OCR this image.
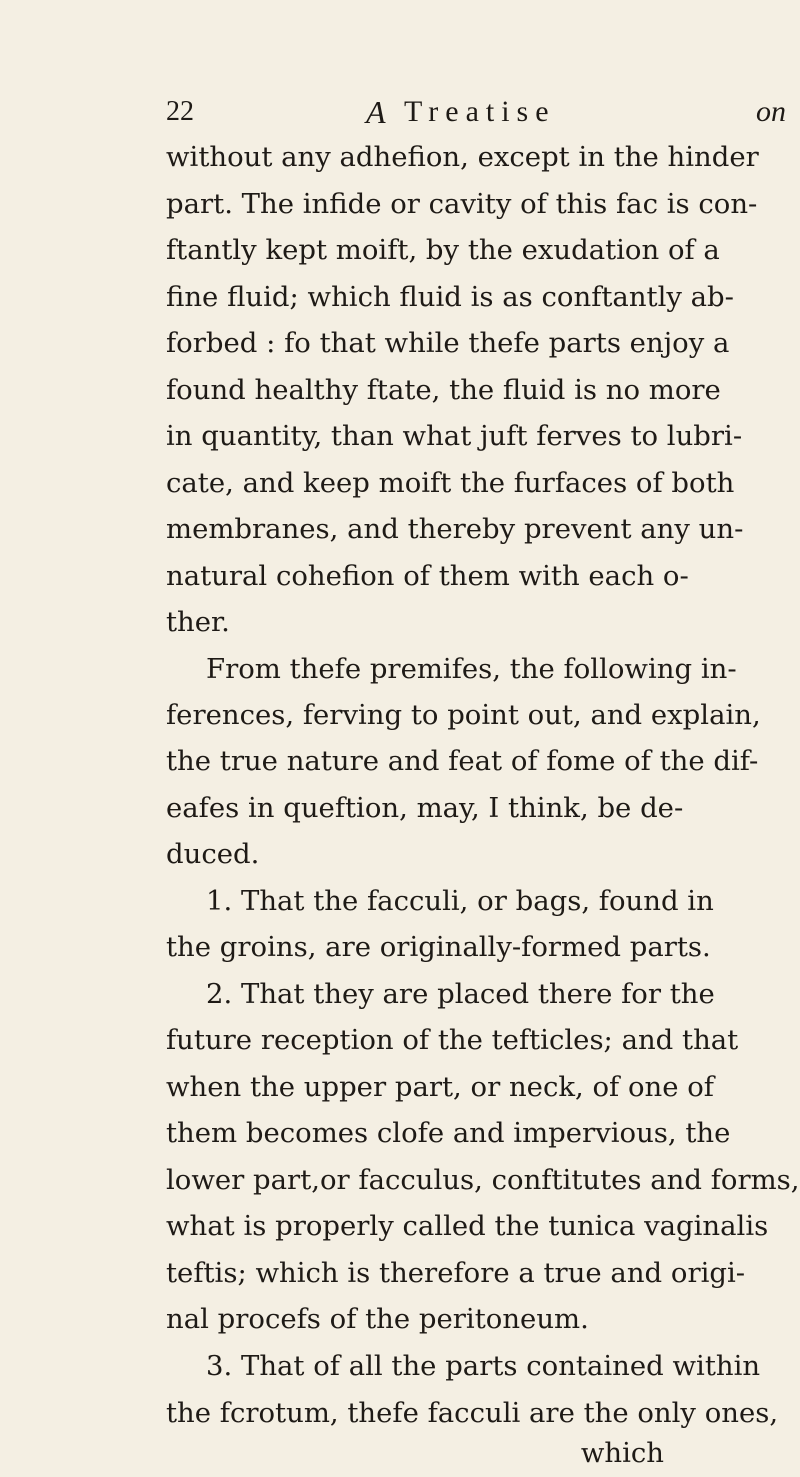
22	A Treatise	on
without any adhefion, except in the hinder
part. The infide or cavity of this fac is con-
ftantly kept moift, by the exudation of a
fine fluid; which fluid is as conftantly ab-
forbed : fo that while thefe parts enjoy a
found healthy ftate, the fluid is no more
in quantity, than what juft ferves to lubri-
cate, and keep moift the furfaces of both
membranes, and thereby prevent any un-
natural cohefion of them with each o-
ther.
From thefe premifes, the following in-
ferences, ferving to point out, and explain,
the true nature and feat of fome of the dif-
eafes in queftion, may, I think, be de-
duced.
1. That the facculi, or bags, found in
the groins, are originally-formed parts.
2. That they are placed there for the
future reception of the tefticles; and that
when the upper part, or neck, of one of
them becomes clofe and impervious, the
lower part,or facculus, conftitutes and forms,
what is properly called the tunica vaginalis
teftis; which is therefore a true and origi-
nal procefs of the peritoneum.
3. That of all the parts contained within
the fcrotum, thefe facculi are the only ones,
which
